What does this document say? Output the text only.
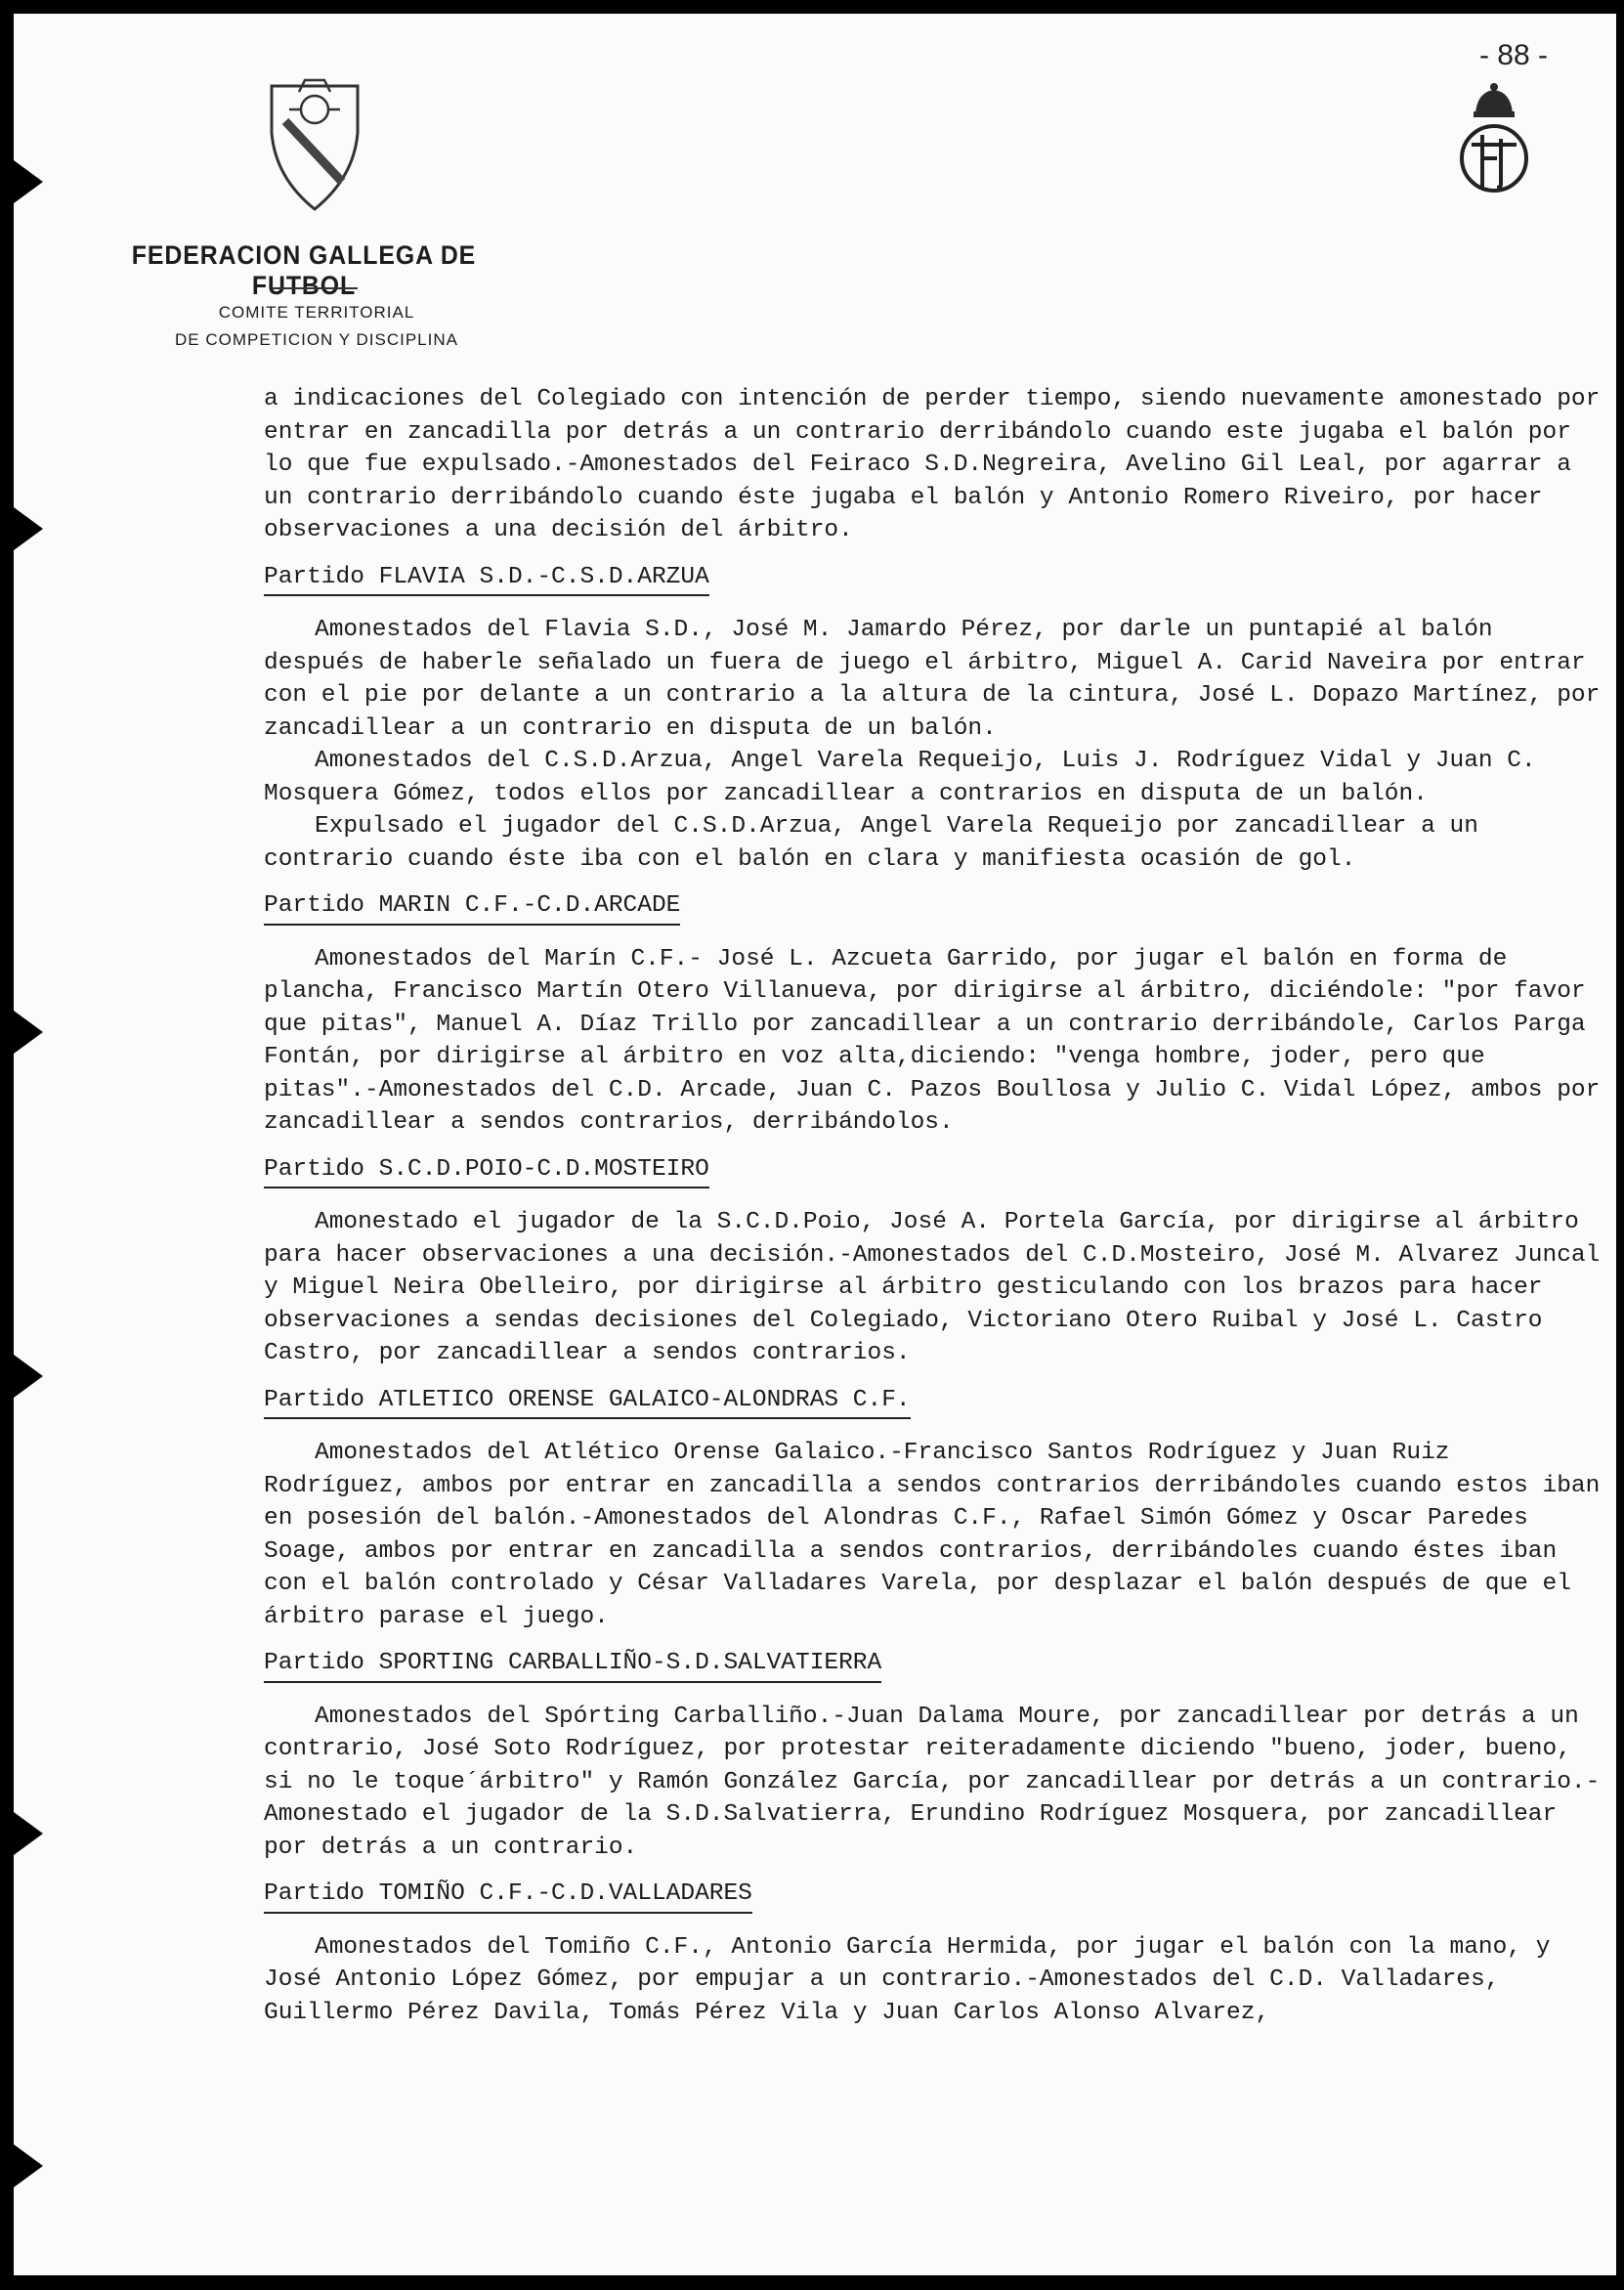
- 88 -
FEDERACION GALLEGA DE FUTBOL
COMITE TERRITORIAL
DE COMPETICION Y DISCIPLINA

a indicaciones del Colegiado con intención de perder tiempo, siendo nuevamente amonestado por entrar en zancadilla por detrás a un contrario derribándolo cuando este jugaba el balón por lo que fue expulsado.-Amonestados del Feiraco S.D.Negreira, Avelino Gil Leal, por agarrar a un contrario derribándolo cuando éste jugaba el balón y Antonio Romero Riveiro, por hacer observaciones a una decisión del árbitro.

Partido FLAVIA S.D.-C.S.D.ARZUA

Amonestados del Flavia S.D., José M. Jamardo Pérez, por darle un puntapié al balón después de haberle señalado un fuera de juego el árbitro, Miguel A. Carid Naveira por entrar con el pie por delante a un contrario a la altura de la cintura, José L. Dopazo Martínez, por zancadillear a un contrario en disputa de un balón.

Amonestados del C.S.D.Arzua, Angel Varela Requeijo, Luis J. Rodríguez Vidal y Juan C. Mosquera Gómez, todos ellos por zancadillear a contrarios en disputa de un balón.

Expulsado el jugador del C.S.D.Arzua, Angel Varela Requeijo por zancadillear a un contrario cuando éste iba con el balón en clara y manifiesta ocasión de gol.

Partido MARIN C.F.-C.D.ARCADE

Amonestados del Marín C.F.- José L. Azcueta Garrido, por jugar el balón en forma de plancha, Francisco Martín Otero Villanueva, por dirigirse al árbitro, diciéndole: "por favor que pitas", Manuel A. Díaz Trillo por zancadillear a un contrario derribándole, Carlos Parga Fontán, por dirigirse al árbitro en voz alta,diciendo: "venga hombre, joder, pero que pitas".-Amonestados del C.D. Arcade, Juan C. Pazos Boullosa y Julio C. Vidal López, ambos por zancadillear a sendos contrarios, derribándolos.

Partido S.C.D.POIO-C.D.MOSTEIRO

Amonestado el jugador de la S.C.D.Poio, José A. Portela García, por dirigirse al árbitro para hacer observaciones a una decisión.-Amonestados del C.D.Mosteiro, José M. Alvarez Juncal y Miguel Neira Obelleiro, por dirigirse al árbitro gesticulando con los brazos para hacer observaciones a sendas decisiones del Colegiado, Victoriano Otero Ruibal y José L. Castro Castro, por zancadillear a sendos contrarios.

Partido ATLETICO ORENSE GALAICO-ALONDRAS C.F.

Amonestados del Atlético Orense Galaico.-Francisco Santos Rodríguez y Juan Ruiz Rodríguez, ambos por entrar en zancadilla a sendos contrarios derribándoles cuando estos iban en posesión del balón.-Amonestados del Alondras C.F., Rafael Simón Gómez y Oscar Paredes Soage, ambos por entrar en zancadilla a sendos contrarios, derribándoles cuando éstes iban con el balón controlado y César Valladares Varela, por desplazar el balón después de que el árbitro parase el juego.

Partido SPORTING CARBALLIÑO-S.D.SALVATIERRA

Amonestados del Spórting Carballiño.-Juan Dalama Moure, por zancadillear por detrás a un contrario, José Soto Rodríguez, por protestar reiteradamente diciendo "bueno, joder, bueno, si no le toque´árbitro" y Ramón González García, por zancadillear por detrás a un contrario.-Amonestado el jugador de la S.D.Salvatierra, Erundino Rodríguez Mosquera, por zancadillear por detrás a un contrario.

Partido TOMIÑO C.F.-C.D.VALLADARES

Amonestados del Tomiño C.F., Antonio García Hermida, por jugar el balón con la mano, y José Antonio López Gómez, por empujar a un contrario.-Amonestados del C.D. Valladares, Guillermo Pérez Davila, Tomás Pérez Vila y Juan Carlos Alonso Alvarez,
